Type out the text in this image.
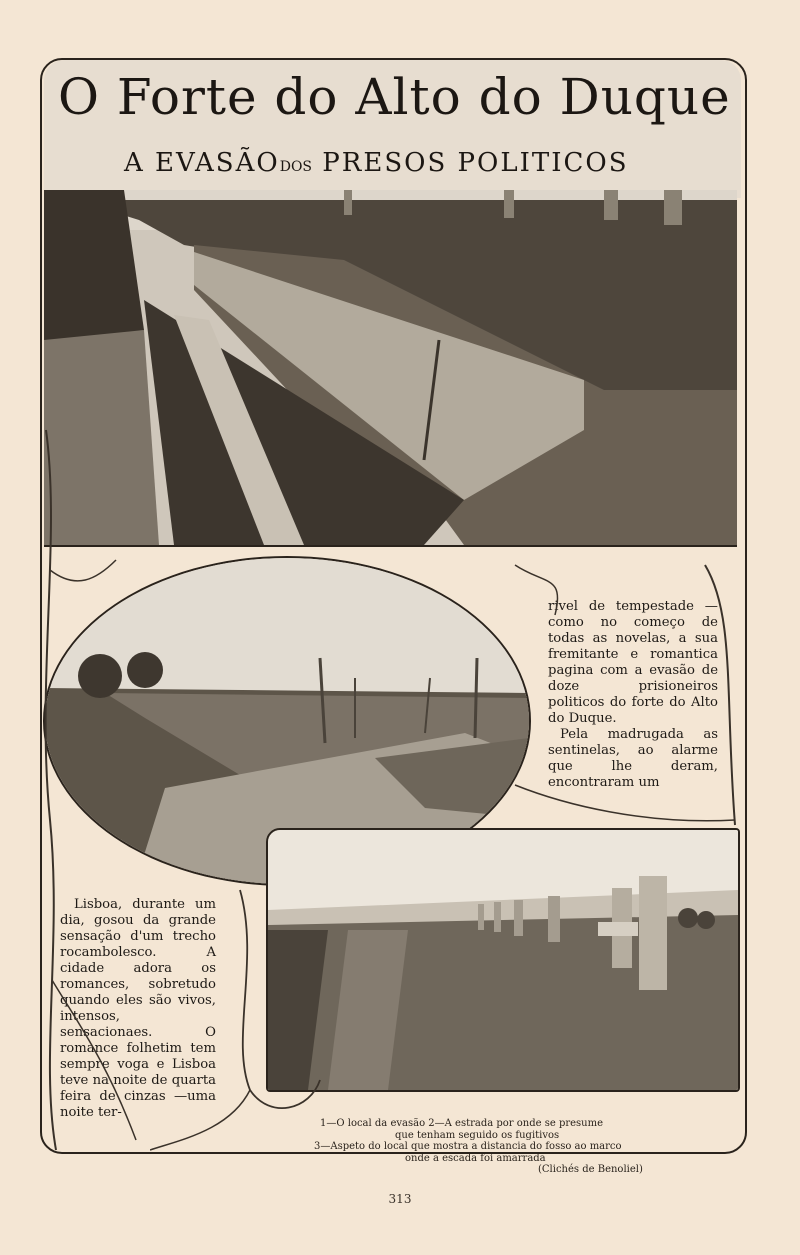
O Forte do Alto do Duque
A EVASÃODOS PRESOS POLITICOS

rivel de tempestade —como no começo de todas as novelas, a sua fremitante e romantica pagina com a evasão de doze prisioneiros politicos do forte do Alto do Duque.

Pela madrugada as sentinelas, ao alarme que lhe deram, encontraram um

Lisboa, durante um dia, gosou da grande sensação d'um trecho rocambolesco. A cidade adora os romances, sobretudo quando eles são vivos, intensos, sensacionaes. O romance folhetim tem sempre voga e Lisboa teve na noite de quarta feira de cinzas —uma noite ter-

1—O local da evasão 2—A estrada por onde se presume
que tenham seguido os fugitivos
3—Aspeto do local que mostra a distancia do fosso ao marco
onde a escada foi amarrada
(Clichés de Benoliel)
313
